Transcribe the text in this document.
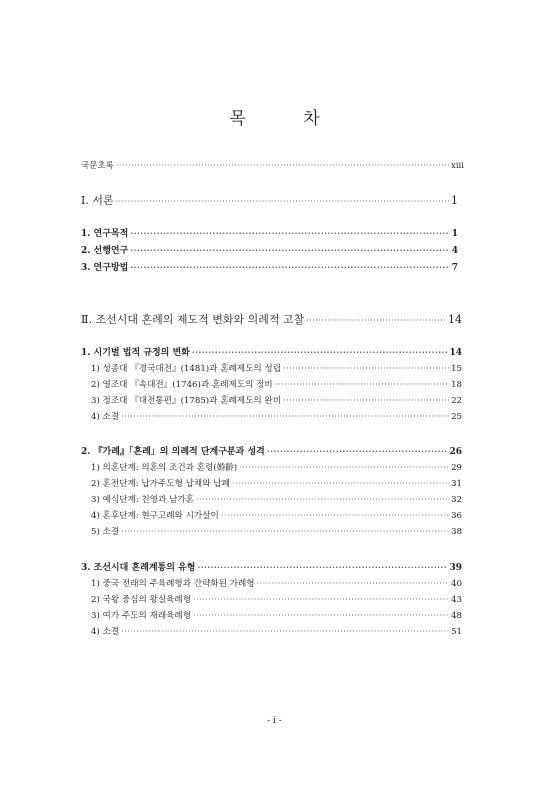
목 차
국문초록 ·····	xiii
Ⅰ. 서론 ·····	1
1. 연구목적 ·····	1
2. 선행연구 ·····	4
3. 연구방법 ·····	7
Ⅱ. 조선시대 혼례의 제도적 변화와 의례적 고찰 ·····	14
1. 시기별 법적 규정의 변화 ·····	14
1) 성종대 『경국대전』(1481)과 혼례제도의 성립 ·····	15
2) 영조대 『속대전』(1746)과 혼례제도의 정비 ·····	18
3) 정조대 『대전통편』(1785)과 혼례제도의 완비 ·····	22
4) 소결 ·····	25
2. 『가례』「혼례」의 의례적 단계구분과 성격 ·····	26
1) 의혼단계: 의혼의 조건과 혼령(婚齡) ·····	29
2) 혼전단계: 납가주도형 납채와 납폐 ·····	31
3) 예식단계: 친영과 남가혼 ·····	32
4) 혼후단계: 현구고례와 시가살이 ·····	36
5) 소결 ·····	38
3. 조선시대 혼례계통의 유형 ·····	39
1) 중국 전래의 주육례형과 간략화된 가례형 ·····	40
2) 국왕 중심의 왕실육례형 ·····	43
3) 여가 주도의 재래육례형 ·····	48
4) 소결 ·····	51
- i -
